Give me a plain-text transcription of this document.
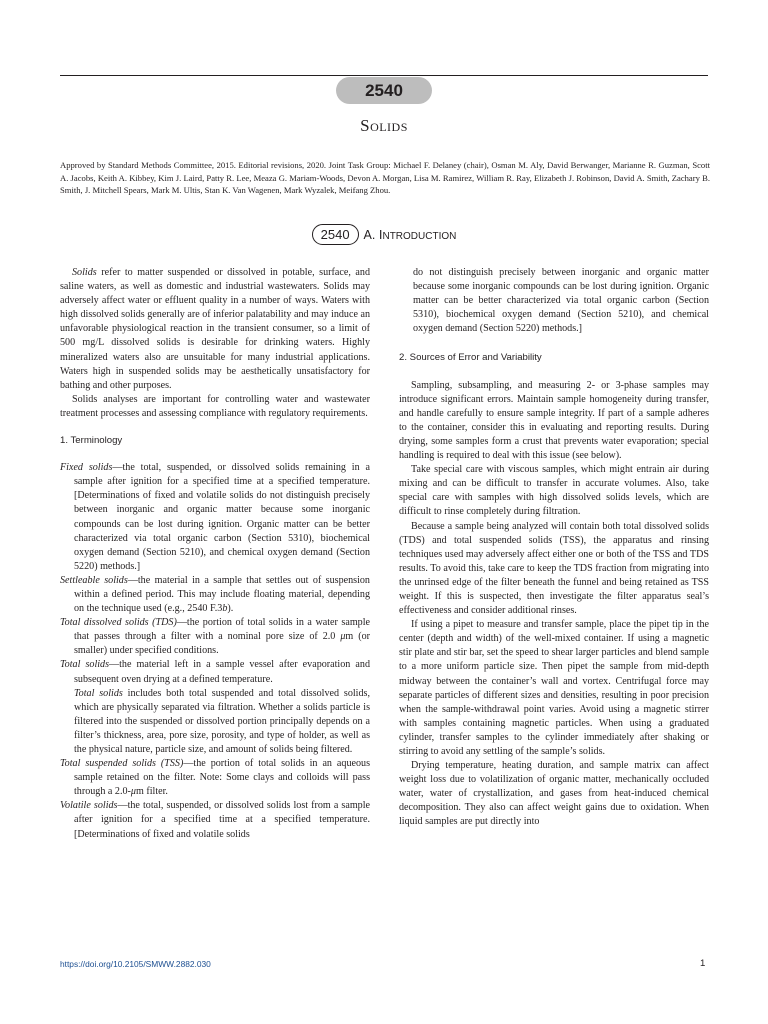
2540
SOLIDS
Approved by Standard Methods Committee, 2015. Editorial revisions, 2020. Joint Task Group: Michael F. Delaney (chair), Osman M. Aly, David Berwanger, Marianne R. Guzman, Scott A. Jacobs, Keith A. Kibbey, Kim J. Laird, Patty R. Lee, Meaza G. Mariam-Woods, Devon A. Morgan, Lisa M. Ramirez, William R. Ray, Elizabeth J. Robinson, David A. Smith, Zachary B. Smith, J. Mitchell Spears, Mark M. Ultis, Stan K. Van Wagenen, Mark Wyzalek, Meifang Zhou.
2540	A. INTRODUCTION

Solids refer to matter suspended or dissolved in potable, surface, and saline waters, as well as domestic and industrial wastewaters. Solids may adversely affect water or effluent quality in a number of ways. Waters with high dissolved solids generally are of inferior palatability and may induce an unfavorable physiological reaction in the transient consumer, so a limit of 500 mg/L dissolved solids is desirable for drinking waters. Highly mineralized waters also are unsuitable for many industrial applications. Waters high in suspended solids may be aesthetically unsatisfactory for bathing and other purposes.

Solids analyses are important for controlling water and wastewater treatment processes and assessing compliance with regulatory requirements.

1. Terminology

Fixed solids—the total, suspended, or dissolved solids remaining in a sample after ignition for a specified time at a specified temperature. [Determinations of fixed and volatile solids do not distinguish precisely between inorganic and organic matter because some inorganic compounds can be lost during ignition. Organic matter can be better characterized via total organic carbon (Section 5310), biochemical oxygen demand (Section 5210), and chemical oxygen demand (Section 5220) methods.]

Settleable solids—the material in a sample that settles out of suspension within a defined period. This may include floating material, depending on the technique used (e.g., 2540 F.3b).

Total dissolved solids (TDS)—the portion of total solids in a water sample that passes through a filter with a nominal pore size of 2.0 μm (or smaller) under specified conditions.

Total solids—the material left in a sample vessel after evaporation and subsequent oven drying at a defined temperature.

Total solids includes both total suspended and total dissolved solids, which are physically separated via filtration. Whether a solids particle is filtered into the suspended or dissolved portion principally depends on a filter’s thickness, area, pore size, porosity, and type of holder, as well as the physical nature, particle size, and amount of solids being filtered.

Total suspended solids (TSS)—the portion of total solids in an aqueous sample retained on the filter. Note: Some clays and colloids will pass through a 2.0-μm filter.

Volatile solids—the total, suspended, or dissolved solids lost from a sample after ignition for a specified time at a specified temperature. [Determinations of fixed and volatile solids

do not distinguish precisely between inorganic and organic matter because some inorganic compounds can be lost during ignition. Organic matter can be better characterized via total organic carbon (Section 5310), biochemical oxygen demand (Section 5210), and chemical oxygen demand (Section 5220) methods.]

2. Sources of Error and Variability

Sampling, subsampling, and measuring 2- or 3-phase samples may introduce significant errors. Maintain sample homogeneity during transfer, and handle carefully to ensure sample integrity. If part of a sample adheres to the container, consider this in evaluating and reporting results. During drying, some samples form a crust that prevents water evaporation; special handling is required to deal with this issue (see below).

Take special care with viscous samples, which might entrain air during mixing and can be difficult to transfer in accurate volumes. Also, take special care with samples with high dissolved solids levels, which are difficult to rinse completely during filtration.

Because a sample being analyzed will contain both total dissolved solids (TDS) and total suspended solids (TSS), the apparatus and rinsing techniques used may adversely affect either one or both of the TSS and TDS results. To avoid this, take care to keep the TDS fraction from migrating into the unrinsed edge of the filter beneath the funnel and being retained as TSS weight. If this is suspected, then investigate the filter apparatus seal’s effectiveness and consider additional rinses.

If using a pipet to measure and transfer sample, place the pipet tip in the center (depth and width) of the well-mixed container. If using a magnetic stir plate and stir bar, set the speed to shear larger particles and blend sample to a more uniform particle size. Then pipet the sample from mid-depth midway between the container’s wall and vortex. Centrifugal force may separate particles of different sizes and densities, resulting in poor precision when the sample-withdrawal point varies. Avoid using a magnetic stirrer with samples containing magnetic particles. When using a graduated cylinder, transfer samples to the cylinder immediately after shaking or stirring to avoid any settling of the sample’s solids.

Drying temperature, heating duration, and sample matrix can affect weight loss due to volatilization of organic matter, mechanically occluded water, water of crystallization, and gases from heat-induced chemical decomposition. They also can affect weight gains due to oxidation. When liquid samples are put directly into

https://doi.org/10.2105/SMWW.2882.030	1
